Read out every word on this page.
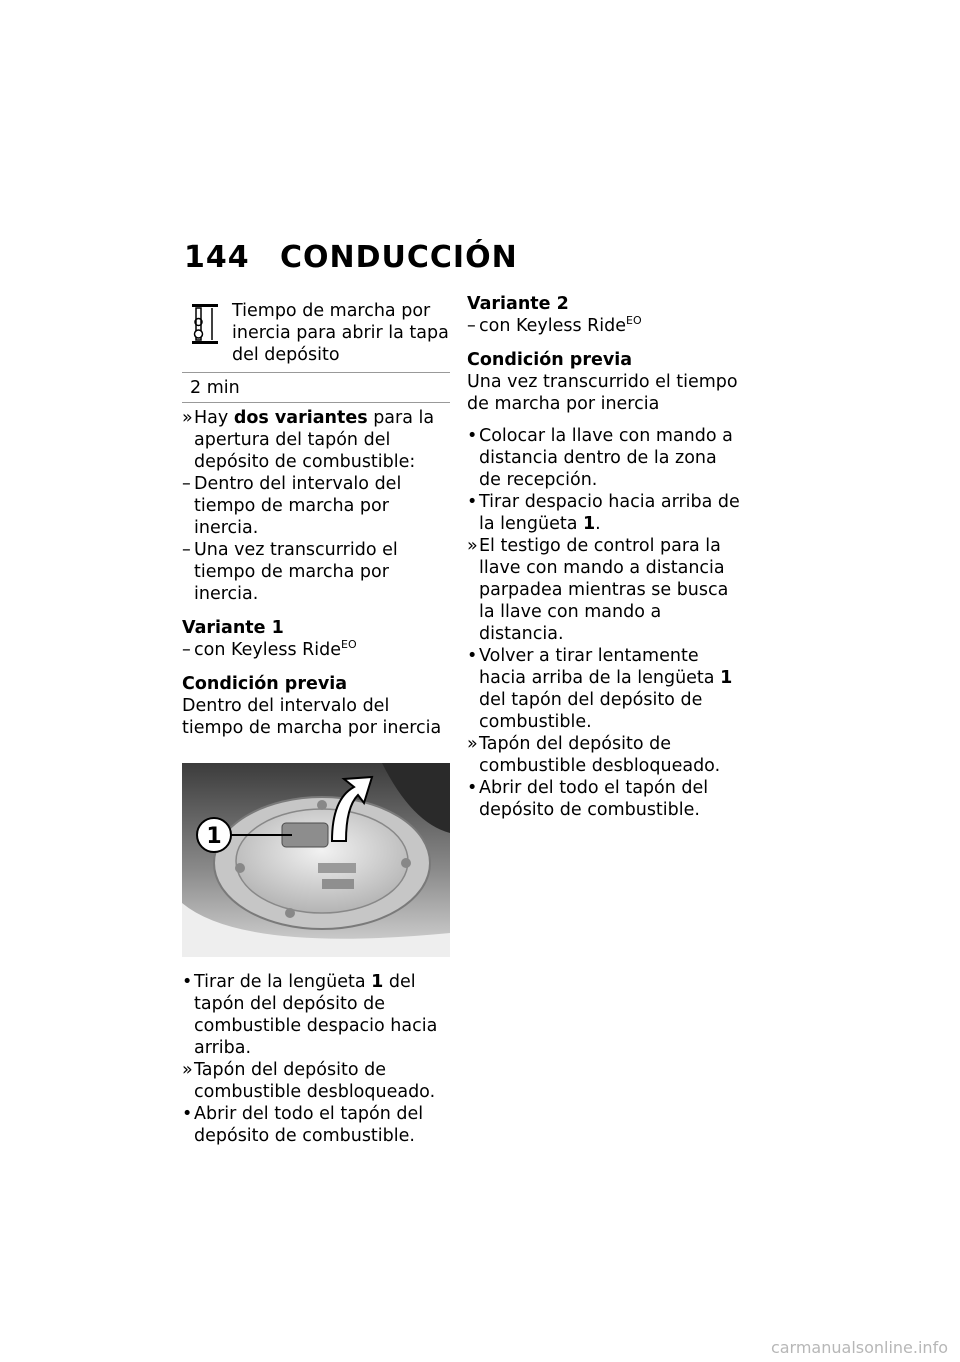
144 CONDUCCIÓN
Tiempo de marcha por inercia para abrir la tapa del depósito
2 min
» Hay dos variantes para la apertura del tapón del depósito de combustible:
– Dentro del intervalo del tiempo de marcha por inercia.
– Una vez transcurrido el tiempo de marcha por inercia.
Variante 1
– con Keyless Ride$^{EO}$
Condición previa
Dentro del intervalo del tiempo de marcha por inercia
1
• Tirar de la lengüeta 1 del tapón del depósito de combustible despacio hacia arriba.
» Tapón del depósito de combustible desbloqueado.
• Abrir del todo el tapón del depósito de combustible.
Variante 2
– con Keyless Ride$^{EO}$
Condición previa
Una vez transcurrido el tiempo de marcha por inercia
• Colocar la llave con mando a distancia dentro de la zona de recepción.
• Tirar despacio hacia arriba de la lengüeta 1.
» El testigo de control para la llave con mando a distancia parpadea mientras se busca la llave con mando a distancia.
• Volver a tirar lentamente hacia arriba de la lengüeta 1 del tapón del depósito de combustible.
» Tapón del depósito de combustible desbloqueado.
• Abrir del todo el tapón del depósito de combustible.
carmanualsonline.info
